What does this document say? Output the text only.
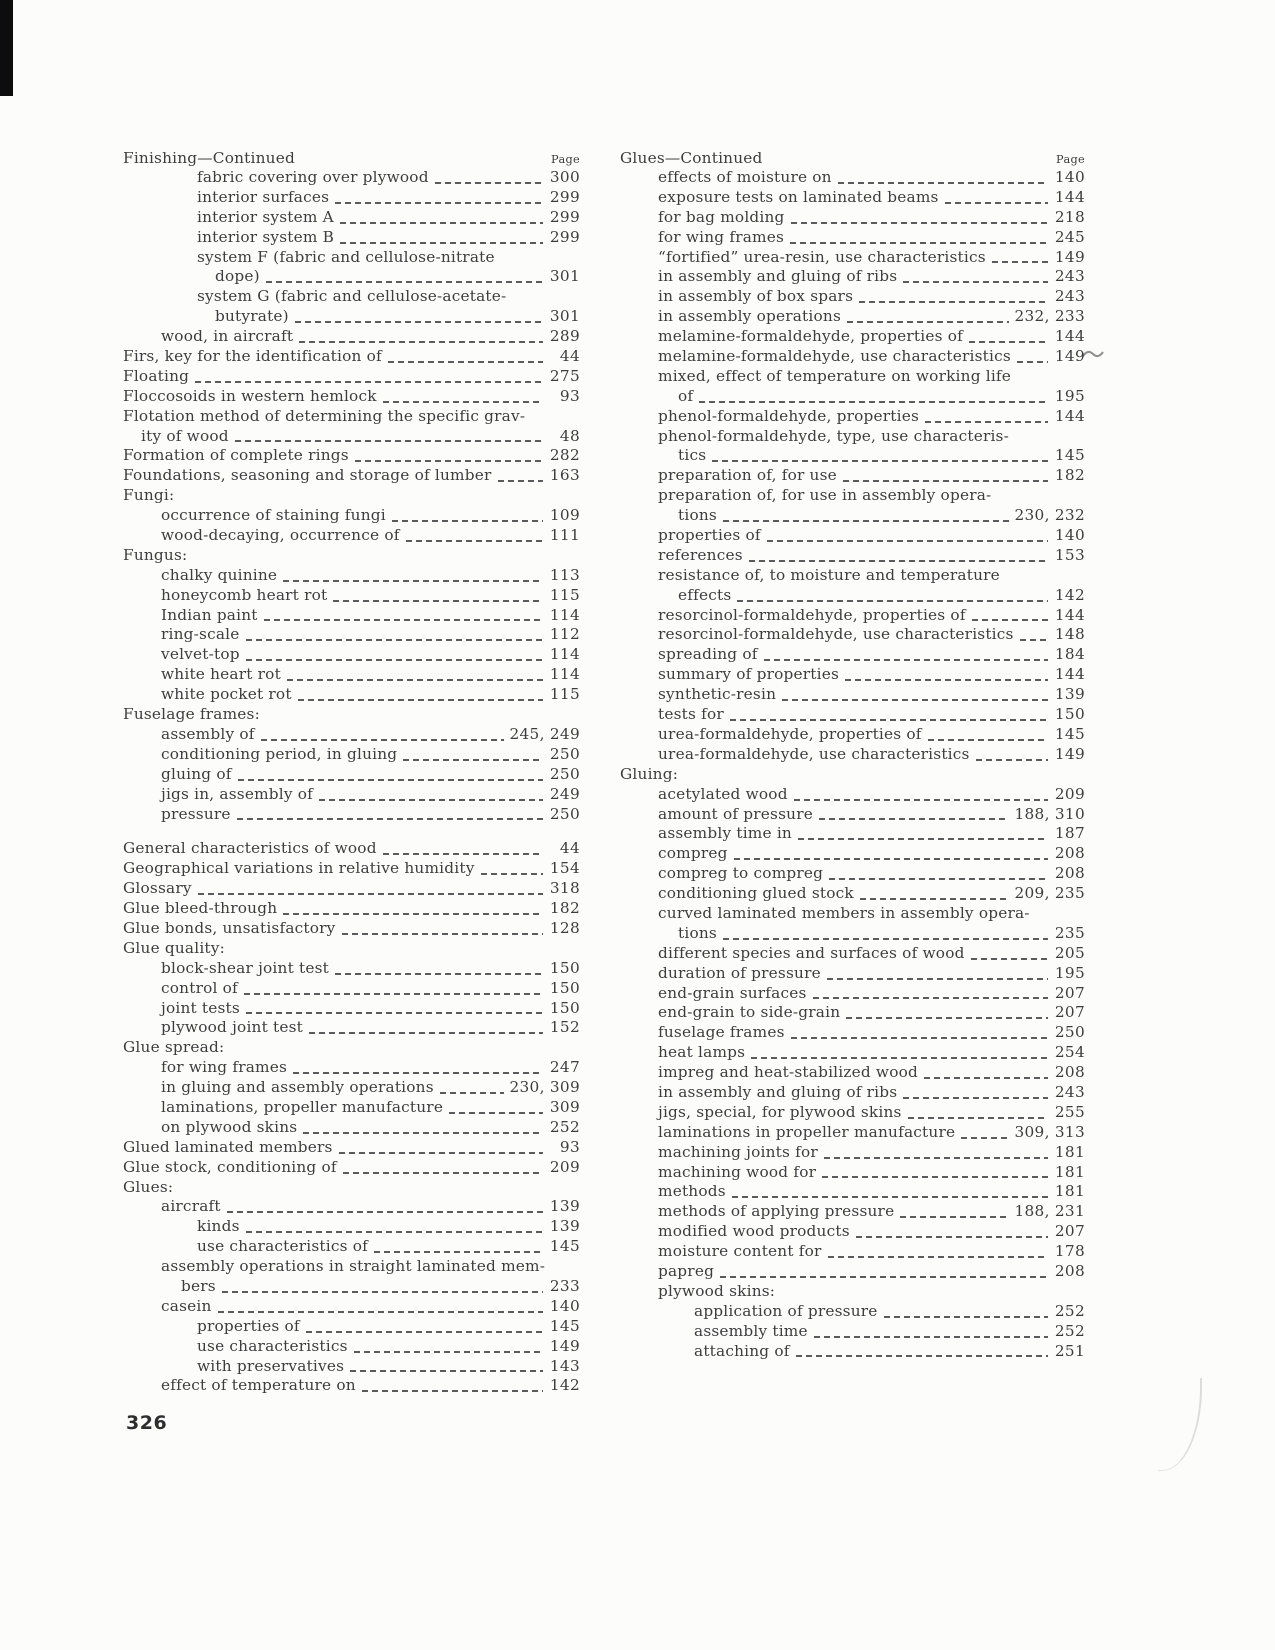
Finishing—Continued	Page
fabric covering over plywood	300
interior surfaces	299
interior system A	299
interior system B	299
system F (fabric and cellulose-nitrate
dope)	301
system G (fabric and cellulose-acetate-
butyrate)	301
wood, in aircraft	289
Firs, key for the identification of	44
Floating	275
Floccosoids in western hemlock	93
Flotation method of determining the specific grav-
ity of wood	48
Formation of complete rings	282
Foundations, seasoning and storage of lumber	163
Fungi:
occurrence of staining fungi	109
wood-decaying, occurrence of	111
Fungus:
chalky quinine	113
honeycomb heart rot	115
Indian paint	114
ring-scale	112
velvet-top	114
white heart rot	114
white pocket rot	115
Fuselage frames:
assembly of	245, 249
conditioning period, in gluing	250
gluing of	250
jigs in, assembly of	249
pressure	250
General characteristics of wood	44
Geographical variations in relative humidity	154
Glossary	318
Glue bleed-through	182
Glue bonds, unsatisfactory	128
Glue quality:
block-shear joint test	150
control of	150
joint tests	150
plywood joint test	152
Glue spread:
for wing frames	247
in gluing and assembly operations	230, 309
laminations, propeller manufacture	309
on plywood skins	252
Glued laminated members	93
Glue stock, conditioning of	209
Glues:
aircraft	139
kinds	139
use characteristics of	145
assembly operations in straight laminated mem-
bers	233
casein	140
properties of	145
use characteristics	149
with preservatives	143
effect of temperature on	142
Glues—Continued	Page
effects of moisture on	140
exposure tests on laminated beams	144
for bag molding	218
for wing frames	245
“fortified” urea-resin, use characteristics	149
in assembly and gluing of ribs	243
in assembly of box spars	243
in assembly operations	232, 233
melamine-formaldehyde, properties of	144
melamine-formaldehyde, use characteristics	149
mixed, effect of temperature on working life
of	195
phenol-formaldehyde, properties	144
phenol-formaldehyde, type, use characteris-
tics	145
preparation of, for use	182
preparation of, for use in assembly opera-
tions	230, 232
properties of	140
references	153
resistance of, to moisture and temperature
effects	142
resorcinol-formaldehyde, properties of	144
resorcinol-formaldehyde, use characteristics	148
spreading of	184
summary of properties	144
synthetic-resin	139
tests for	150
urea-formaldehyde, properties of	145
urea-formaldehyde, use characteristics	149
Gluing:
acetylated wood	209
amount of pressure	188, 310
assembly time in	187
compreg	208
compreg to compreg	208
conditioning glued stock	209, 235
curved laminated members in assembly opera-
tions	235
different species and surfaces of wood	205
duration of pressure	195
end-grain surfaces	207
end-grain to side-grain	207
fuselage frames	250
heat lamps	254
impreg and heat-stabilized wood	208
in assembly and gluing of ribs	243
jigs, special, for plywood skins	255
laminations in propeller manufacture	309, 313
machining joints for	181
machining wood for	181
methods	181
methods of applying pressure	188, 231
modified wood products	207
moisture content for	178
papreg	208
plywood skins:
application of pressure	252
assembly time	252
attaching of	251
326
